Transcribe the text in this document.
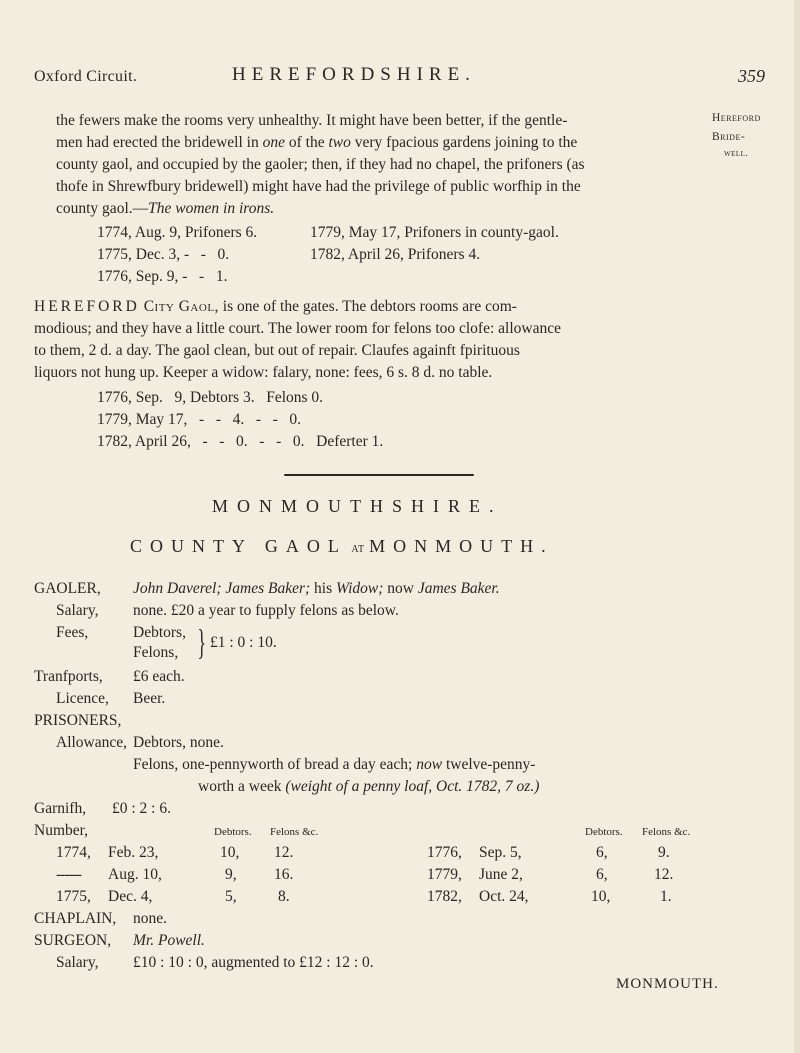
Oxford Circuit.	HEREFORDSHIRE.	359
Hereford
Bride-
well.
the fewers make the rooms very unhealthy. It might have been better, if the gentle-
men had erected the bridewell in one of the two very fpacious gardens joining to the
county gaol, and occupied by the gaoler; then, if they had no chapel, the prifoners (as
thofe in Shrewfbury bridewell) might have had the privilege of public worfhip in the
county gaol.—The women in irons.
1774, Aug. 9, Prifoners 6.
1775, Dec. 3, -   -   0.
1776, Sep. 9, -   -   1.
1779, May 17, Prifoners in county-gaol.
1782, April 26, Prifoners 4.
HEREFORD City Gaol, is one of the gates. The debtors rooms are com-
modious; and they have a little court. The lower room for felons too clofe: allowance
to them, 2 d. a day. The gaol clean, but out of repair. Claufes againft fpirituous
liquors not hung up. Keeper a widow: falary, none: fees, 6 s. 8 d. no table.
1776, Sep.   9, Debtors 3.   Felons 0.
1779, May 17,   -   -   4.   -   -   0.
1782, April 26,   -   -   0.   -   -   0.   Deferter 1.
MONMOUTHSHIRE.
COUNTY GAOL at MONMOUTH.
GAOLER, John Daverel; James Baker; his Widow; now James Baker.
Salary, none. £20 a year to fupply felons as below.
Fees,	Debtors,
Felons, } £1 : 0 : 10.
Tranfports, £6 each.
Licence, Beer.
PRISONERS,
Allowance, Debtors, none.
Felons, one-pennyworth of bread a day each; now twelve-penny-
worth a week (weight of a penny loaf, Oct. 1782, 7 oz.)
Garnifh, £0 : 2 : 6.
Number,	Debtors. Felons &c.	Debtors. Felons &c.
1774, Feb. 23,	10, 12.
------ Aug. 10,	9, 16.
1775, Dec. 4,	5,	8.
1776, Sep. 5,	6,	9.
1779, June 2,	6,	12.
1782, Oct. 24,	10,	1.
CHAPLAIN, none.
SURGEON, Mr. Powell.
Salary, £10 : 10 : 0, augmented to £12 : 12 : 0.
MONMOUTH.
